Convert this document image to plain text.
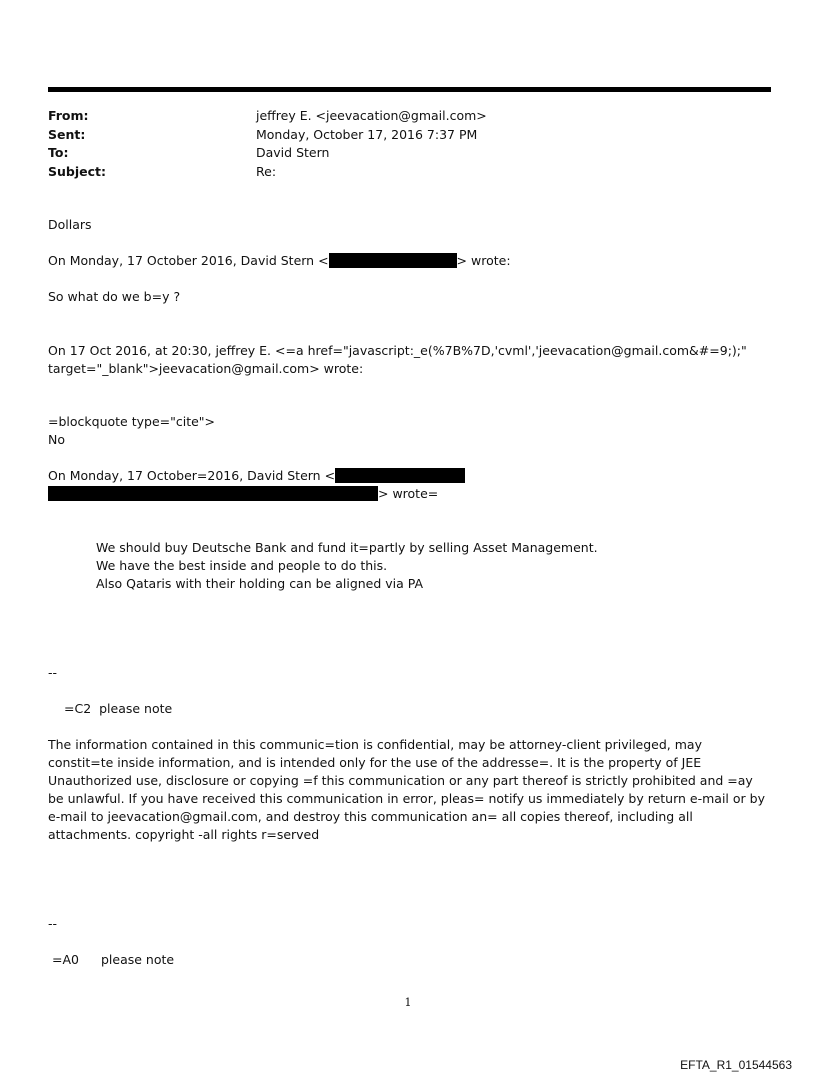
From:	jeffrey E. <jeevacation@gmail.com>
Sent:	Monday, October 17, 2016 7:37 PM
To:	David Stern
Subject:	Re:
Dollars
On Monday, 17 October 2016, David Stern <	> wrote:
So what do we b=y ?
On 17 Oct 2016, at 20:30, jeffrey E. <=a href="javascript:_e(%7B%7D,'cvml','jeevacation@gmail.com&#=9;);"
target="_blank">jeevacation@gmail.com> wrote:
=blockquote type="cite">
No
On Monday, 17 October=2016, David Stern <
> wrote=
We should buy Deutsche Bank and fund it=partly by selling Asset Management.
We have the best inside and people to do this.
Also Qataris with their holding can be aligned via PA
--
=C2 please note
The information contained in this communic=tion is confidential, may be attorney-client privileged, may constit=te inside information, and is intended only for the use of the addresse=. It is the property of JEE Unauthorized use, disclosure or copying =f this communication or any part thereof is strictly prohibited and =ay be unlawful. If you have received this communication in error, pleas= notify us immediately by return e-mail or by e-mail to jeevacation@gmail.com, and destroy this communication an= all copies thereof, including all attachments. copyright -all rights r=served
--
=A0 please note
1
EFTA_R1_01544563
